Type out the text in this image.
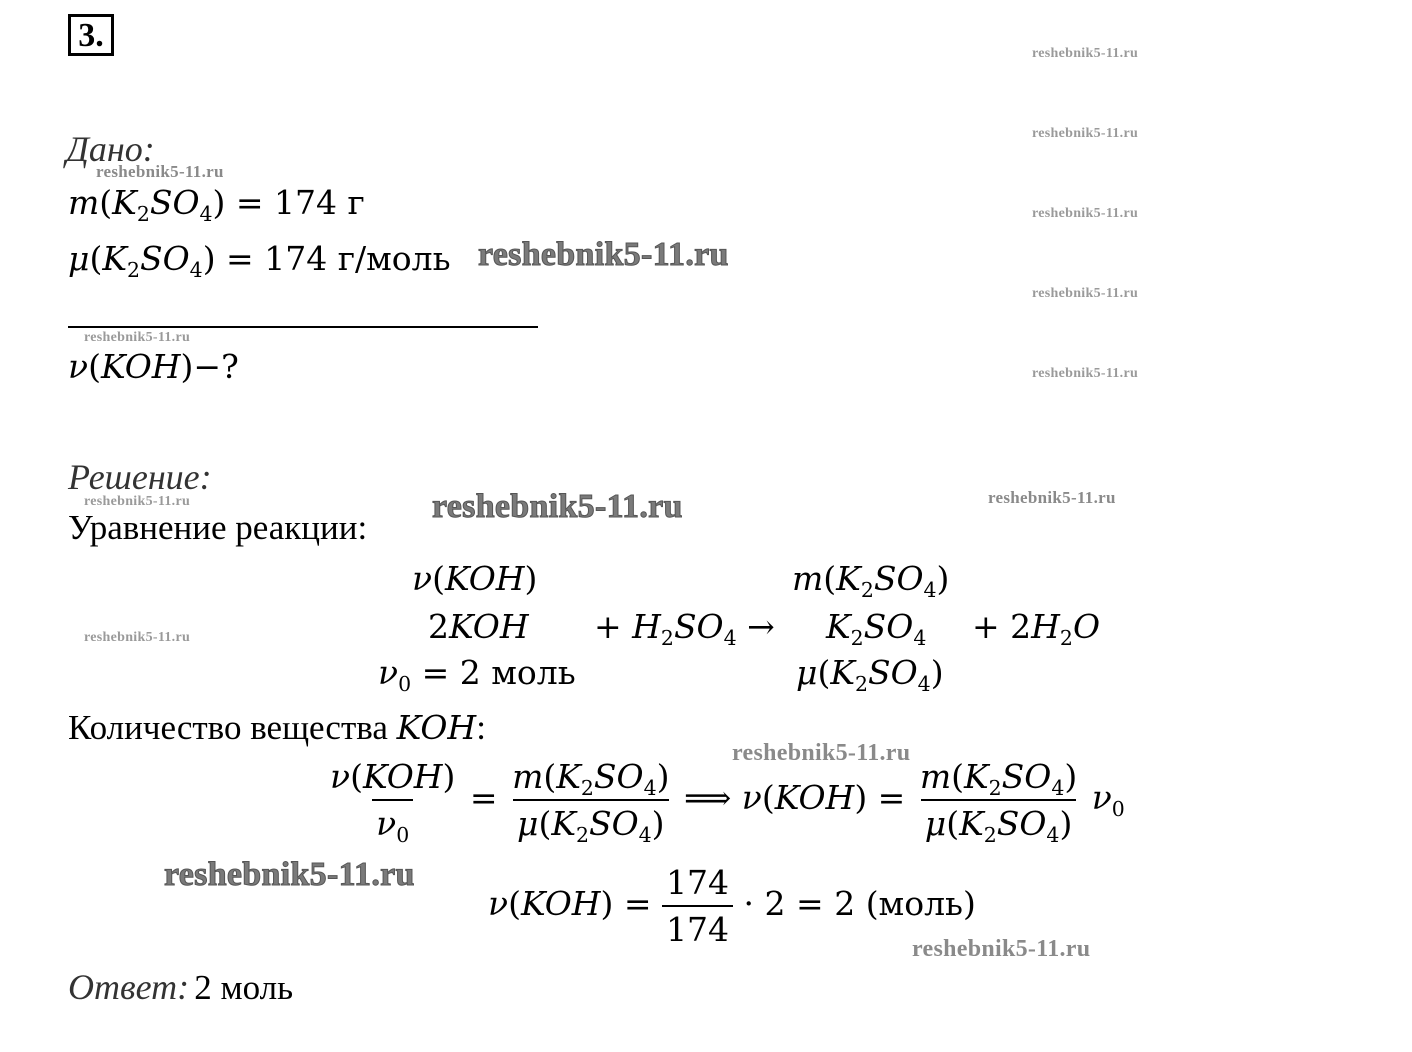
3.
Дано:
$m(K_2SO_4) = 174$ г
$\mu(K_2SO_4) = 174$ г/моль
ν(KOH)−?
Решение:
Уравнение реакции:
ν(KOH)	$m(K_2SO_4)$
$2KOH + H_2SO_4 \to K_2SO_4 + 2H_2O$
$\nu_0 = 2$ моль	$\mu(K_2SO_4)$
Количество вещества KOH:
$\frac{\text{ν(KOH)}}{\nu_0} = \frac{m(K_2SO_4)}{\mu(K_2SO_4)}$ ⟹ $\nu(KOH) = \frac{m(K_2SO_4)}{\mu(K_2SO_4)} \nu_0$
$\nu(KOH) = \frac{174}{174} \cdot 2 = 2$ (моль)
Ответ: 2 моль
reshebnik5-11.ru
reshebnik5-11.ru
reshebnik5-11.ru
reshebnik5-11.ru
reshebnik5-11.ru
reshebnik5-11.ru
reshebnik5-11.ru
reshebnik5-11.ru
reshebnik5-11.ru
reshebnik5-11.ru
reshebnik5-11.ru
reshebnik5-11.ru
reshebnik5-11.ru
reshebnik5-11.ru
reshebnik5-11.ru
